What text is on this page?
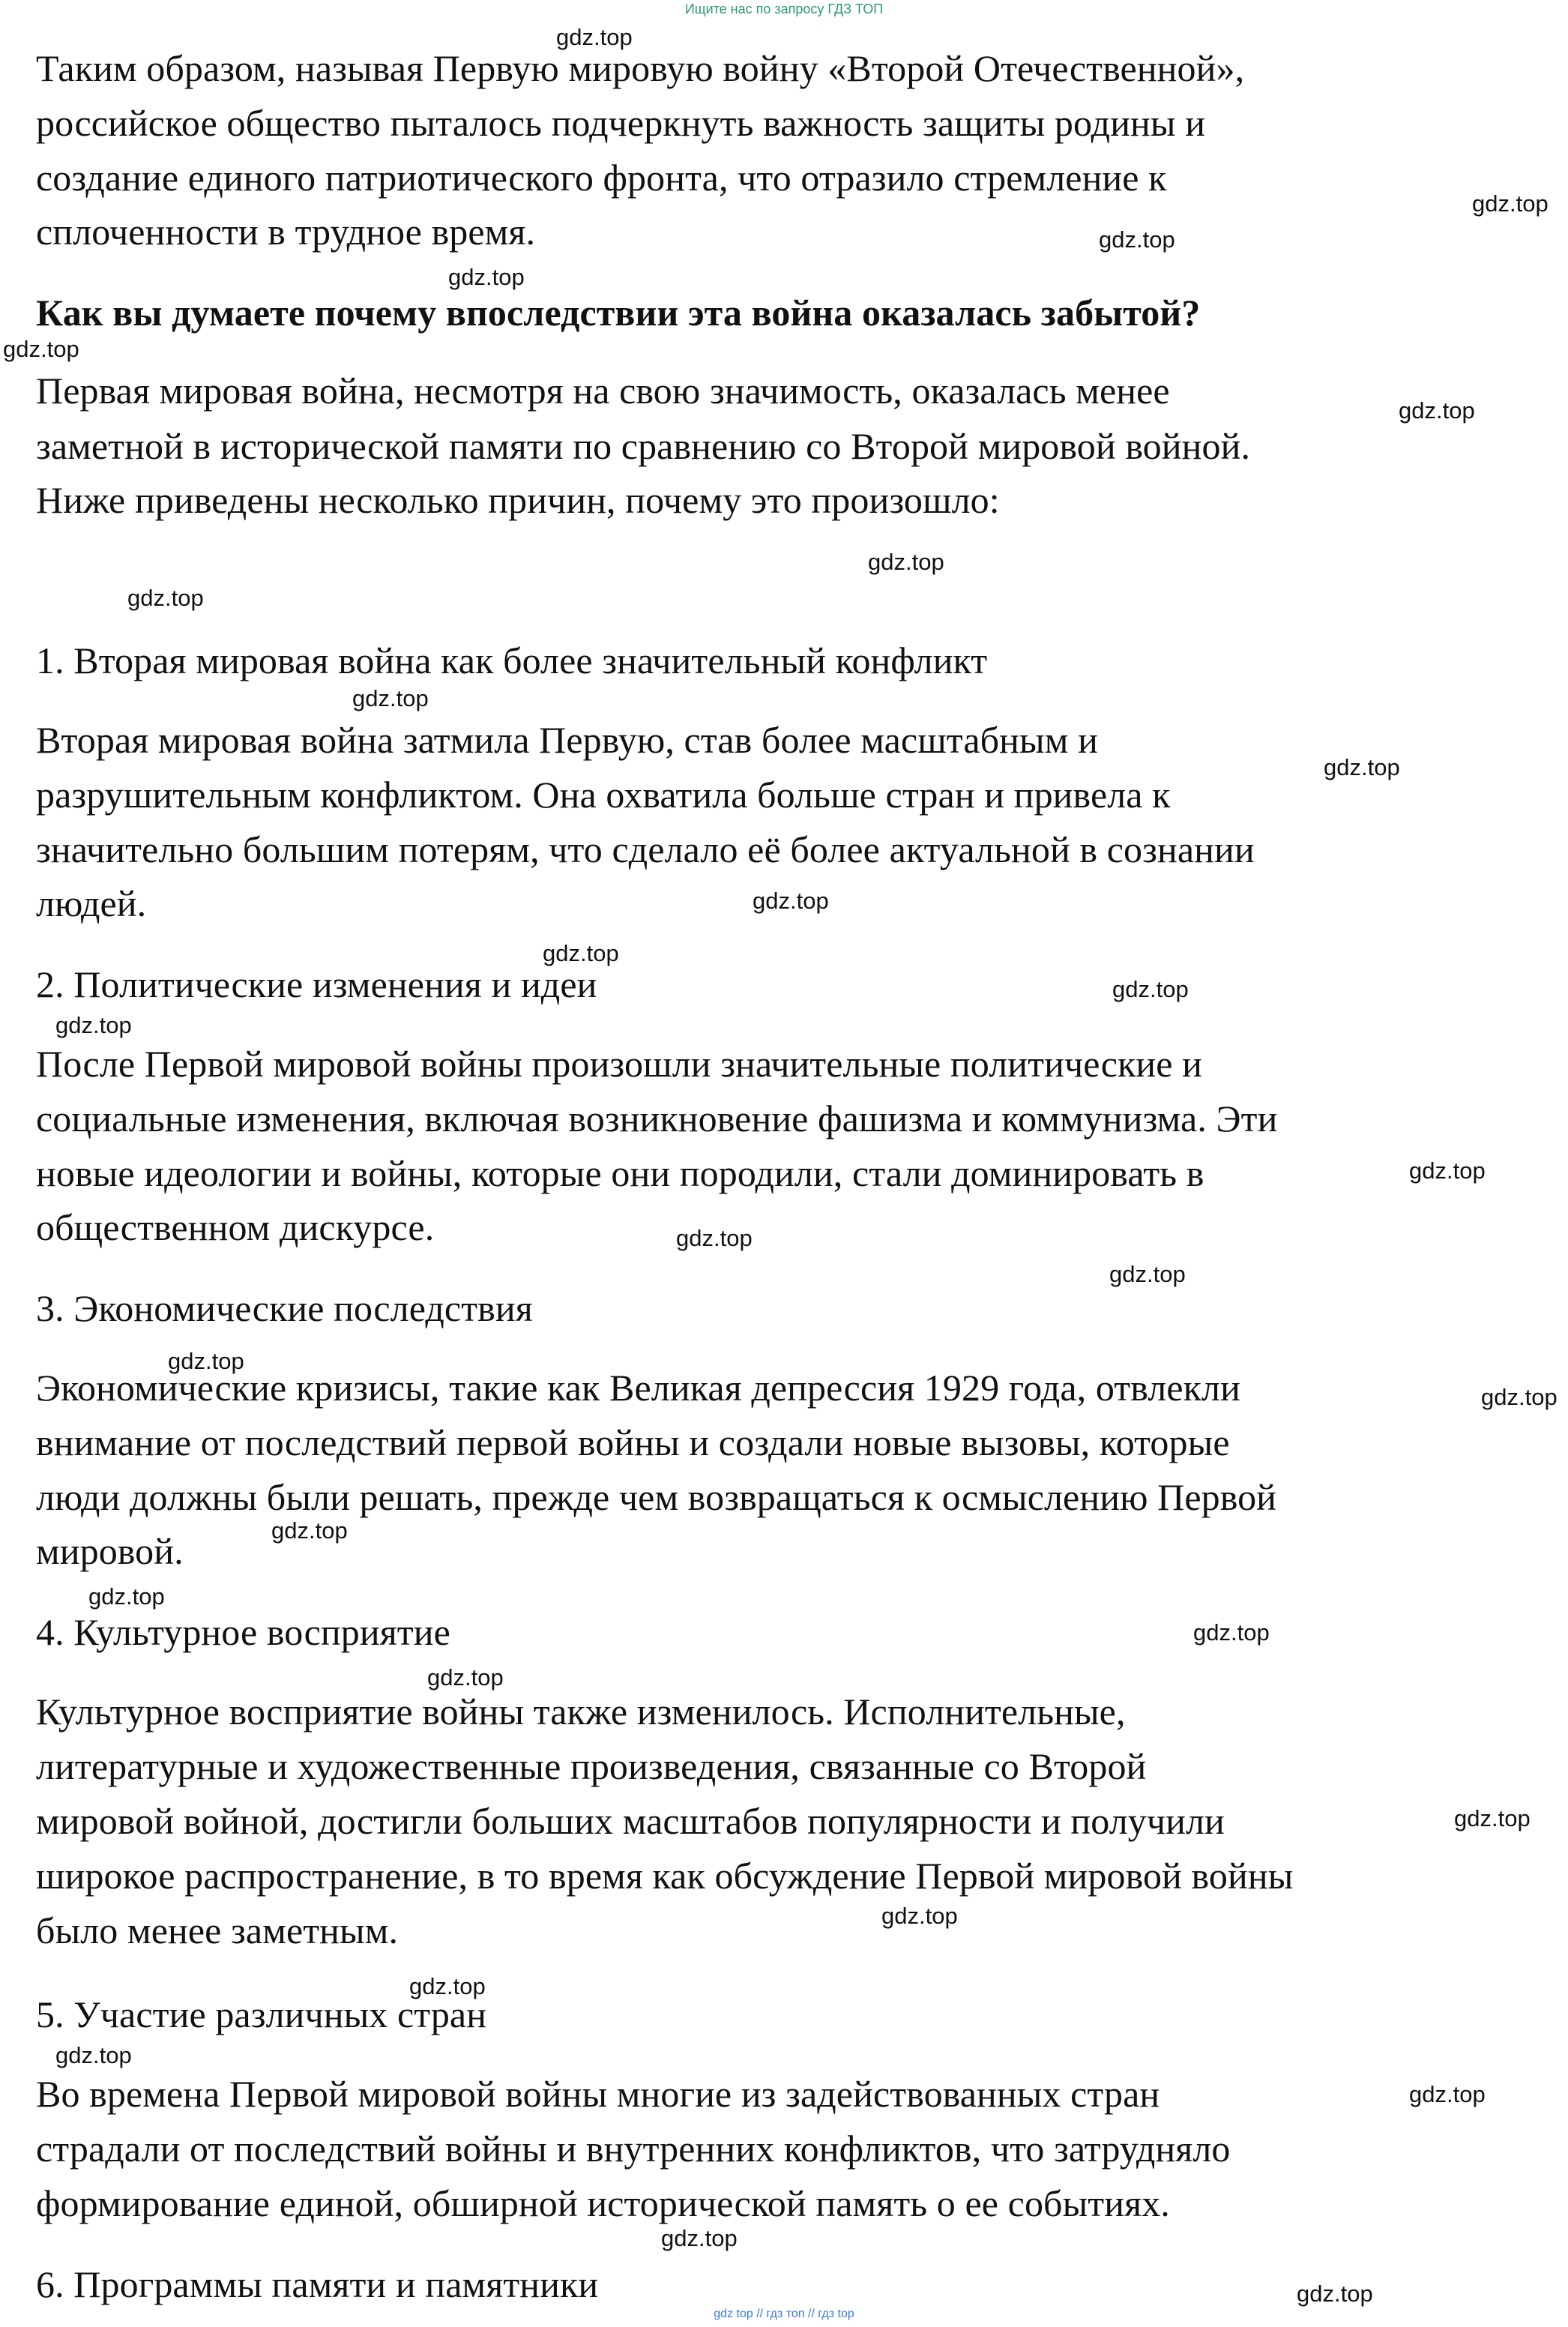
Ищите нас по запросу ГДЗ ТОП
Таким образом, называя Первую мировую войну «Второй Отечественной»,
российское общество пыталось подчеркнуть важность защиты родины и
создание единого патриотического фронта, что отразило стремление к
сплоченности в трудное время.
Как вы думаете почему впоследствии эта война оказалась забытой?
Первая мировая война, несмотря на свою значимость, оказалась менее
заметной в исторической памяти по сравнению со Второй мировой войной.
Ниже приведены несколько причин, почему это произошло:
1. Вторая мировая война как более значительный конфликт
Вторая мировая война затмила Первую, став более масштабным и
разрушительным конфликтом. Она охватила больше стран и привела к
значительно большим потерям, что сделало её более актуальной в сознании
людей.
2. Политические изменения и идеи
После Первой мировой войны произошли значительные политические и
социальные изменения, включая возникновение фашизма и коммунизма. Эти
новые идеологии и войны, которые они породили, стали доминировать в
общественном дискурсе.
3. Экономические последствия
Экономические кризисы, такие как Великая депрессия 1929 года, отвлекли
внимание от последствий первой войны и создали новые вызовы, которые
люди должны были решать, прежде чем возвращаться к осмыслению Первой
мировой.
4. Культурное восприятие
Культурное восприятие войны также изменилось. Исполнительные,
литературные и художественные произведения, связанные со Второй
мировой войной, достигли больших масштабов популярности и получили
широкое распространение, в то время как обсуждение Первой мировой войны
было менее заметным.
5. Участие различных стран
Во времена Первой мировой войны многие из задействованных стран
страдали от последствий войны и внутренних конфликтов, что затрудняло
формирование единой, обширной исторической память о ее событиях.
6. Программы памяти и памятники
gdz.top
gdz.top
gdz.top
gdz.top
gdz.top
gdz.top
gdz.top
gdz.top
gdz.top
gdz.top
gdz.top
gdz.top
gdz.top
gdz.top
gdz.top
gdz.top
gdz.top
gdz.top
gdz.top
gdz.top
gdz.top
gdz.top
gdz.top
gdz.top
gdz.top
gdz.top
gdz.top
gdz.top
gdz.top
gdz.top
gdz top // гдз топ // гдз top
